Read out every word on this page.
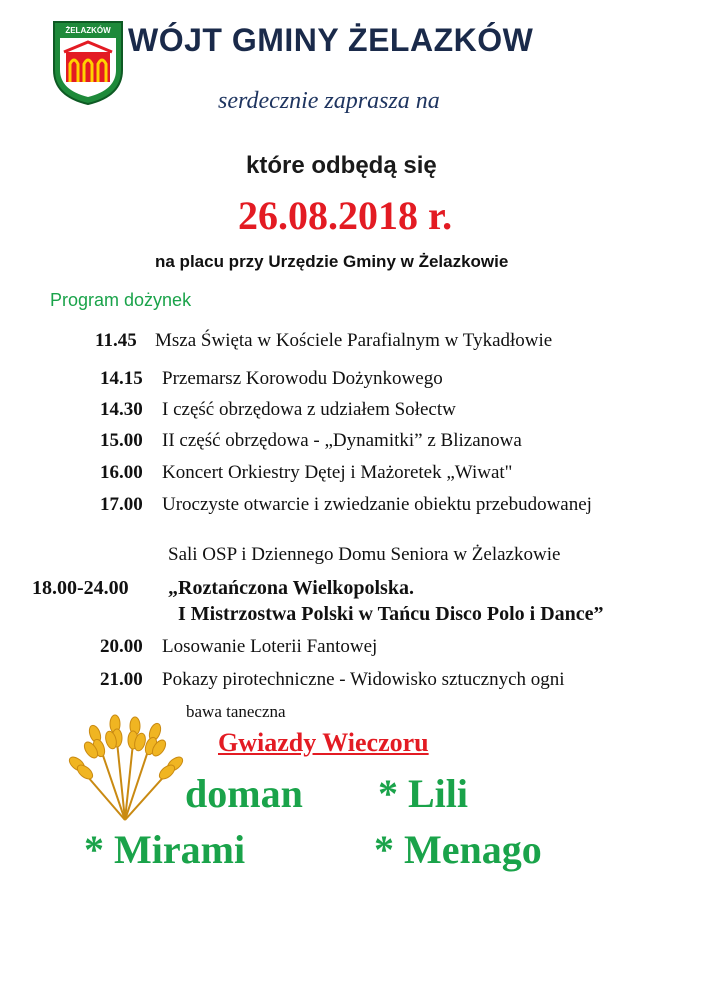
ŻELAZKÓW WÓJT GMINY ŻELAZKÓW
serdecznie zaprasza na
które odbędą się
26.08.2018 r.
na placu przy Urzędzie Gminy w Żelazkowie
Program dożynek
11.45 Msza Święta w Kościele Parafialnym w Tykadłowie
14.15 Przemarsz Korowodu Dożynkowego
14.30 I część obrzędowa z udziałem Sołectw
15.00 II część obrzędowa - „Dynamitki” z Blizanowa
16.00 Koncert Orkiestry Dętej i Mażoretek „Wiwat"
17.00 Uroczyste otwarcie i zwiedzanie obiektu przebudowanej
Sali OSP i Dziennego Domu Seniora w Żelazkowie
18.00-24.00 „Roztańczona Wielkopolska.
I Mistrzostwa Polski w Tańcu Disco Polo i Dance”
20.00 Losowanie Loterii Fantowej
21.00 Pokazy pirotechniczne - Widowisko sztucznych ogni
bawa taneczna
Gwiazdy Wieczoru
doman * Lili
* Mirami	* Menago
